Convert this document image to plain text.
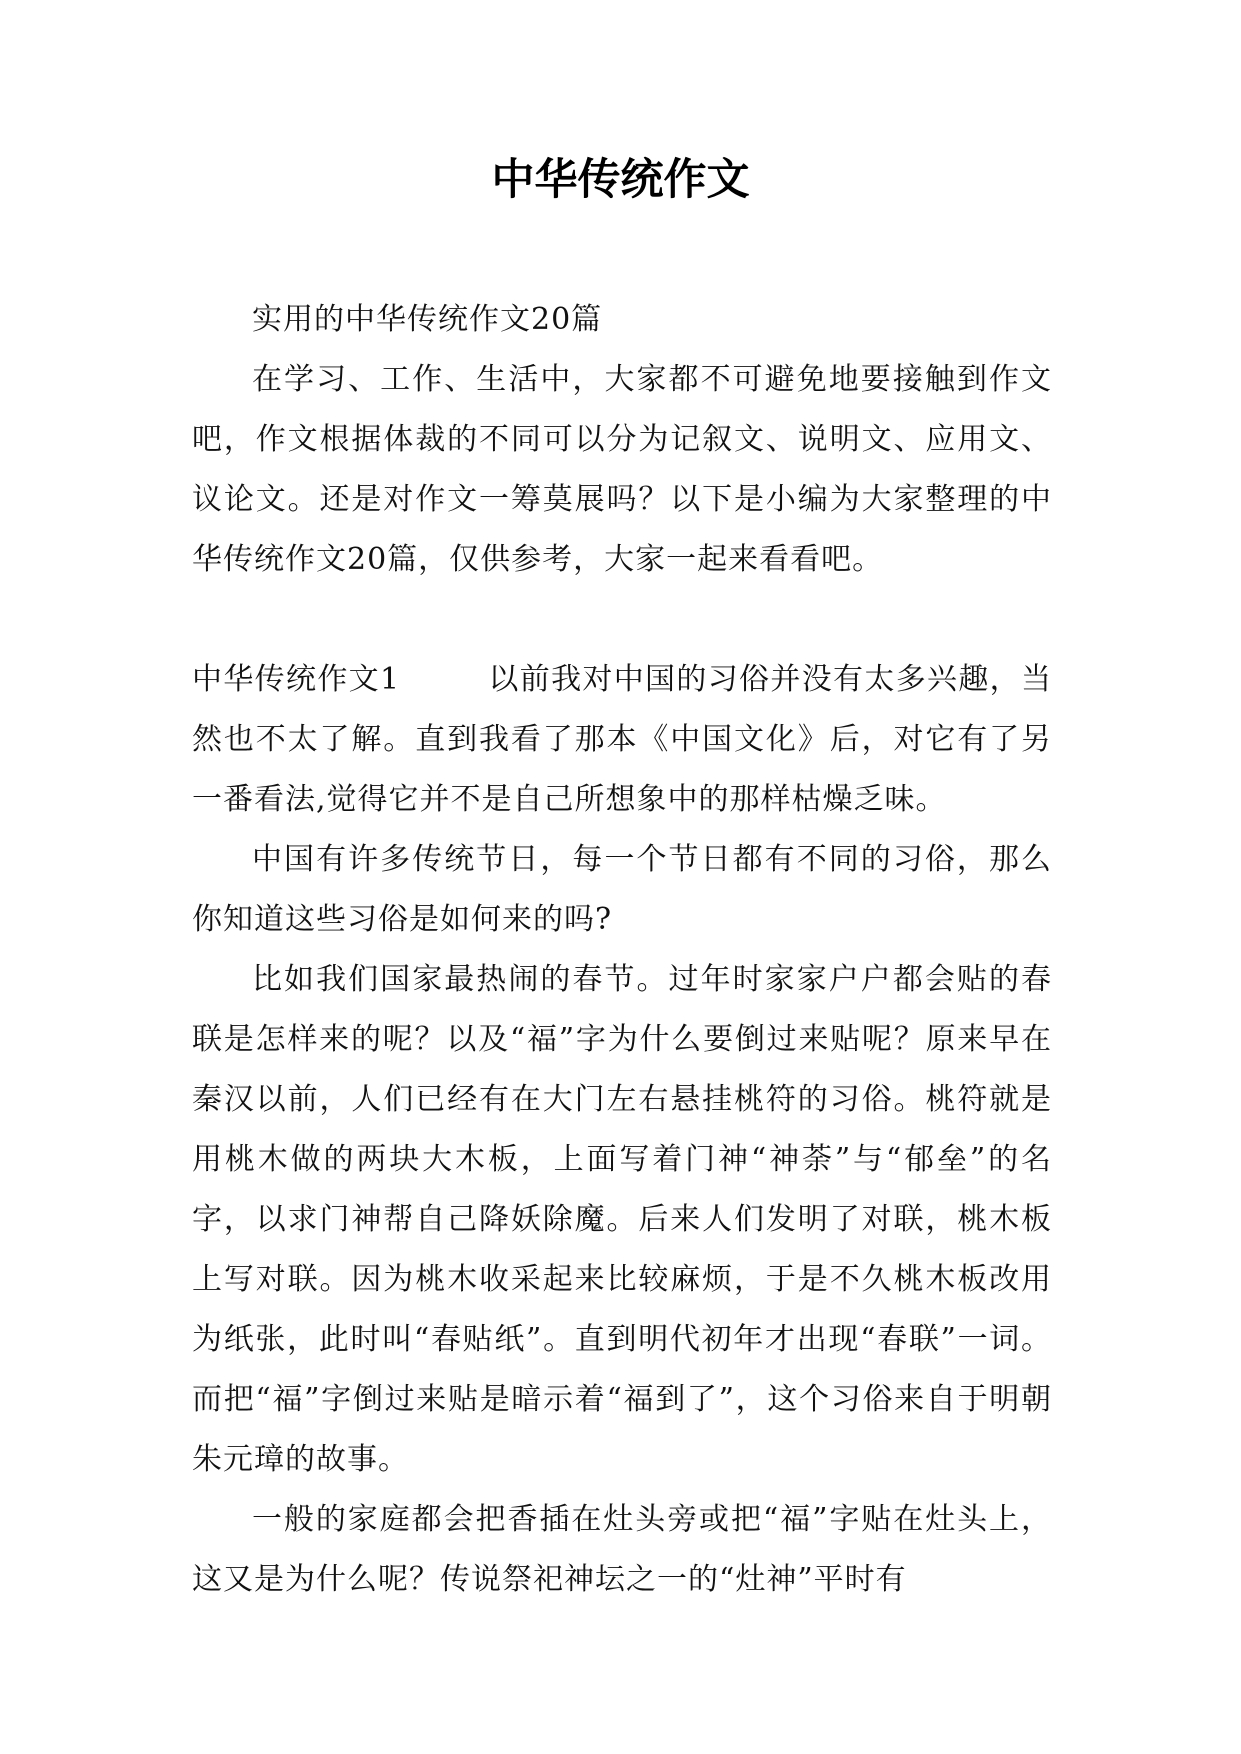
中华传统作文

实用的中华传统作文20篇

在学习、工作、生活中，大家都不可避免地要接触到作文吧，作文根据体裁的不同可以分为记叙文、说明文、应用文、议论文。还是对作文一筹莫展吗？以下是小编为大家整理的中华传统作文20篇，仅供参考，大家一起来看看吧。

中华传统作文1	以前我对中国的习俗并没有太多兴趣，当然也不太了解。直到我看了那本《中国文化》后，对它有了另一番看法,觉得它并不是自己所想象中的那样枯燥乏味。

中国有许多传统节日，每一个节日都有不同的习俗，那么你知道这些习俗是如何来的吗?

比如我们国家最热闹的春节。过年时家家户户都会贴的春联是怎样来的呢？以及“福”字为什么要倒过来贴呢？原来早在秦汉以前，人们已经有在大门左右悬挂桃符的习俗。桃符就是用桃木做的两块大木板，上面写着门神“神荼”与“郁垒”的名字，以求门神帮自己降妖除魔。后来人们发明了对联，桃木板上写对联。因为桃木收采起来比较麻烦，于是不久桃木板改用为纸张，此时叫“春贴纸”。直到明代初年才出现“春联”一词。而把“福”字倒过来贴是暗示着“福到了”，这个习俗来自于明朝朱元璋的故事。

一般的家庭都会把香插在灶头旁或把“福”字贴在灶头上，这又是为什么呢？传说祭祀神坛之一的“灶神”平时有
